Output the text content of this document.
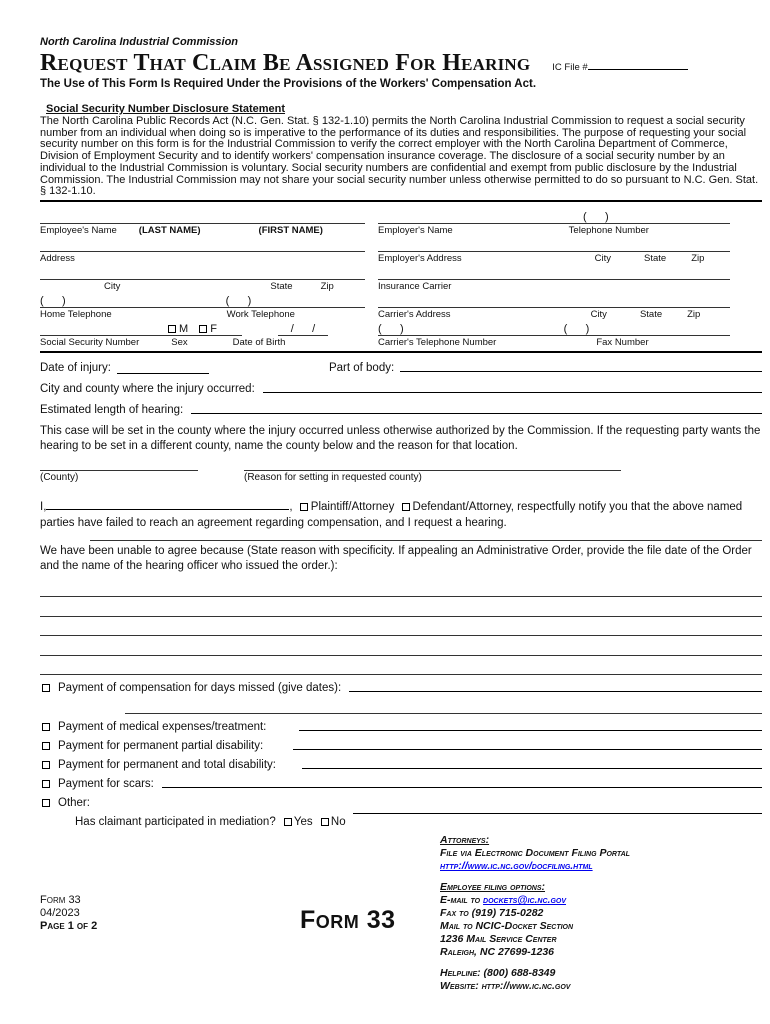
North Carolina Industrial Commission
Request That Claim Be Assigned For Hearing IC File #
The Use of This Form Is Required Under the Provisions of the Workers' Compensation Act.
Social Security Number Disclosure Statement
The North Carolina Public Records Act (N.C. Gen. Stat. § 132-1.10) permits the North Carolina Industrial Commission to request a social security number from an individual when doing so is imperative to the performance of its duties and responsibilities. The purpose of requesting your social security number on this form is for the Industrial Commission to verify the correct employer with the North Carolina Department of Commerce, Division of Employment Security and to identify workers' compensation insurance coverage. The disclosure of a social security number by an individual to the Industrial Commission is voluntary. Social security numbers are confidential and exempt from public disclosure by the Industrial Commission. The Industrial Commission may not share your social security number unless otherwise permitted to do so pursuant to N.C. Gen. Stat. § 132-1.10.
Employee's Name (LAST NAME)	(FIRST NAME)
Address
City	State	Zip
(      )	(      )
Home Telephone	Work Telephone
M F	/      /
Social Security Number	Sex	Date of Birth
(      )
Employer's Name	Telephone Number
Employer's Address	City	State	Zip
Insurance Carrier
Carrier's Address	City	State	Zip
(      )	(      )
Carrier's Telephone Number	Fax Number
Date of injury:	Part of body:
City and county where the injury occurred:
Estimated length of hearing:
This case will be set in the county where the injury occurred unless otherwise authorized by the Commission. If the requesting party wants the hearing to be set in a different county, name the county below and the reason for that location.
(County)	(Reason for setting in requested county)
I,	, Plaintiff/Attorney Defendant/Attorney, respectfully notify you that the above named parties have failed to reach an agreement regarding compensation, and I request a hearing.
We have been unable to agree because (State reason with specificity. If appealing an Administrative Order, provide the file date of the Order and the name of the hearing officer who issued the order.):
Payment of compensation for days missed (give dates):
Payment of medical expenses/treatment:
Payment for permanent partial disability:
Payment for permanent and total disability:
Payment for scars:
Other:
Has claimant participated in mediation? Yes No
Attorneys:
File via Electronic Document Filing Portal
http://www.ic.nc.gov/docfiling.html
Employee filing options:
E-mail to dockets@ic.nc.gov
Fax to (919) 715-0282
Mail to NCIC-Docket Section
1236 Mail Service Center
Raleigh, NC 27699-1236
Helpline: (800) 688-8349
Website: http://www.ic.nc.gov
Form 33
04/2023
Page 1 of 2	Form 33
